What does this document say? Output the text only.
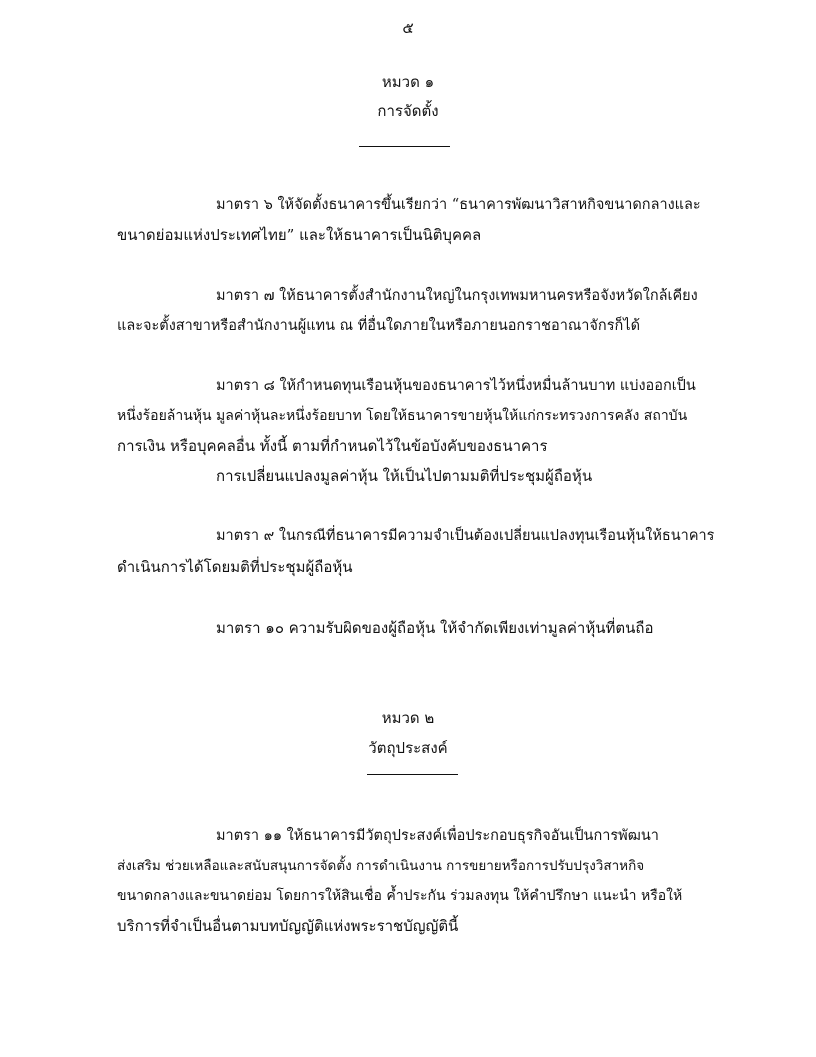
๕
หมวด ๑
การจัดตั้ง
มาตรา ๖ ให้จัดตั้งธนาคารขึ้นเรียกว่า “ธนาคารพัฒนาวิสาหกิจขนาดกลางและ
ขนาดย่อมแห่งประเทศไทย” และให้ธนาคารเป็นนิติบุคคล
มาตรา ๗ ให้ธนาคารตั้งสำนักงานใหญ่ในกรุงเทพมหานครหรือจังหวัดใกล้เคียง
และจะตั้งสาขาหรือสำนักงานผู้แทน ณ ที่อื่นใดภายในหรือภายนอกราชอาณาจักรก็ได้
มาตรา ๘ ให้กำหนดทุนเรือนหุ้นของธนาคารไว้หนึ่งหมื่นล้านบาท แบ่งออกเป็น
หนึ่งร้อยล้านหุ้น มูลค่าหุ้นละหนึ่งร้อยบาท โดยให้ธนาคารขายหุ้นให้แก่กระทรวงการคลัง สถาบัน
การเงิน หรือบุคคลอื่น ทั้งนี้ ตามที่กำหนดไว้ในข้อบังคับของธนาคาร
การเปลี่ยนแปลงมูลค่าหุ้น ให้เป็นไปตามมติที่ประชุมผู้ถือหุ้น
มาตรา ๙ ในกรณีที่ธนาคารมีความจำเป็นต้องเปลี่ยนแปลงทุนเรือนหุ้นให้ธนาคาร
ดำเนินการได้โดยมติที่ประชุมผู้ถือหุ้น
มาตรา ๑๐ ความรับผิดของผู้ถือหุ้น ให้จำกัดเพียงเท่ามูลค่าหุ้นที่ตนถือ
หมวด ๒
วัตถุประสงค์
มาตรา ๑๑ ให้ธนาคารมีวัตถุประสงค์เพื่อประกอบธุรกิจอันเป็นการพัฒนา
ส่งเสริม ช่วยเหลือและสนับสนุนการจัดตั้ง การดำเนินงาน การขยายหรือการปรับปรุงวิสาหกิจ
ขนาดกลางและขนาดย่อม โดยการให้สินเชื่อ ค้ำประกัน ร่วมลงทุน ให้คำปรึกษา แนะนำ หรือให้
บริการที่จำเป็นอื่นตามบทบัญญัติแห่งพระราชบัญญัตินี้
